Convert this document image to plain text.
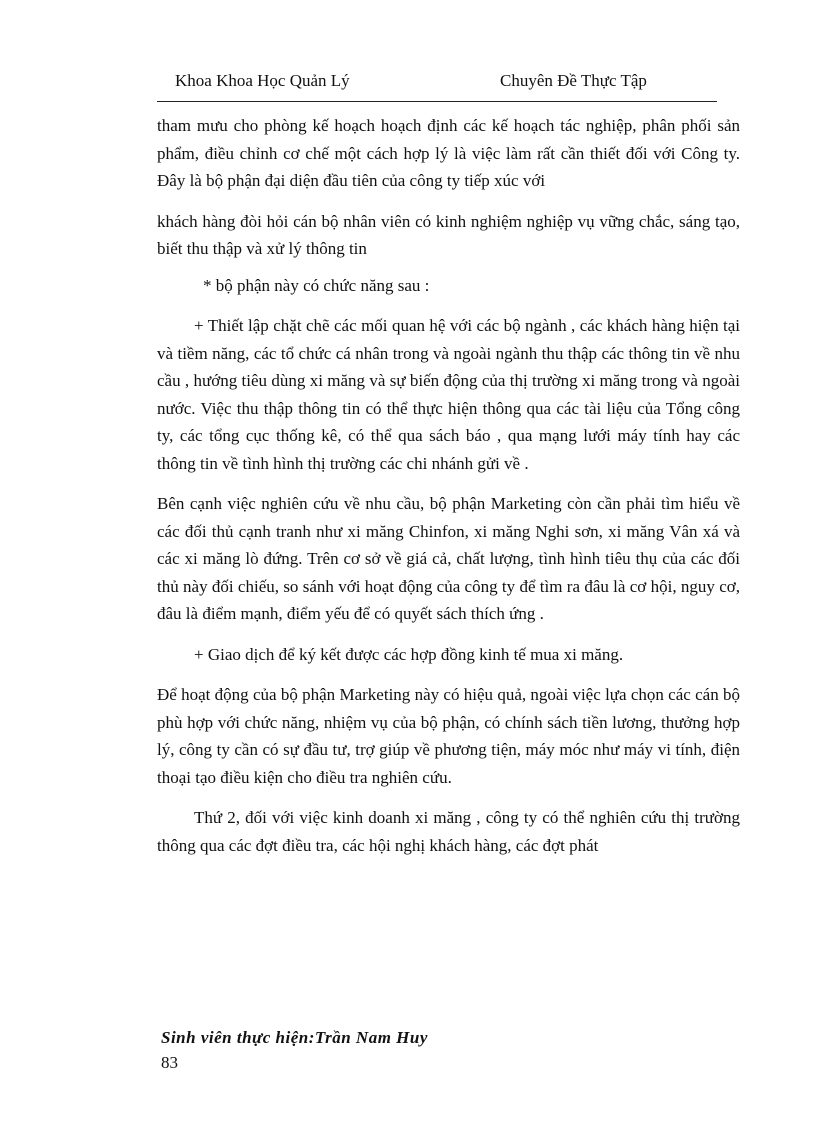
Khoa Khoa Học Quản Lý	Chuyên Đề Thực Tập

tham mưu cho phòng kế hoạch hoạch định các kế hoạch tác nghiệp, phân phối sản phẩm, điều chỉnh cơ chế một cách hợp lý là việc làm rất cần thiết đối với Công ty. Đây là bộ phận đại diện đầu tiên của công ty tiếp xúc với

khách hàng đòi hỏi cán bộ nhân viên có kinh nghiệm nghiệp vụ vững chắc, sáng tạo, biết thu thập và xử lý thông tin

* bộ phận này có chức năng sau :

+ Thiết lập chặt chẽ các mối quan hệ với các bộ ngành , các khách hàng hiện tại và tiềm năng, các tổ chức cá nhân trong và ngoài ngành thu thập các thông tin về nhu cầu , hướng tiêu dùng xi măng và sự biến động của thị trường xi măng trong và ngoài nước. Việc thu thập thông tin có thể thực hiện thông qua các tài liệu của Tổng công ty, các tổng cục thống kê, có thể qua sách báo , qua mạng lưới máy tính hay các thông tin về tình hình thị trường các chi nhánh gửi về .

Bên cạnh việc nghiên cứu về nhu cầu, bộ phận Marketing còn cần phải tìm hiểu về các đối thủ cạnh tranh như xi măng Chinfon, xi măng Nghi sơn, xi măng Vân xá và các xi măng lò đứng. Trên cơ sở về giá cả, chất lượng, tình hình tiêu thụ của các đối thủ này đối chiếu, so sánh với hoạt động của công ty để tìm ra đâu là cơ hội, nguy cơ, đâu là điểm mạnh, điểm yếu để có quyết sách thích ứng .

+ Giao dịch để ký kết được các hợp đồng kinh tế mua xi măng.

Để hoạt động của bộ phận Marketing này có hiệu quả, ngoài việc lựa chọn các cán bộ phù hợp với chức năng, nhiệm vụ của bộ phận, có chính sách tiền lương, thưởng hợp lý, công ty cần có sự đầu tư, trợ giúp về phương tiện, máy móc như máy vi tính, điện thoại tạo điều kiện cho điều tra nghiên cứu.

Thứ 2, đối với việc kinh doanh xi măng , công ty có thể nghiên cứu thị trường thông qua các đợt điều tra, các hội nghị khách hàng, các đợt phát

Sinh viên thực hiện:Trần Nam Huy
83
